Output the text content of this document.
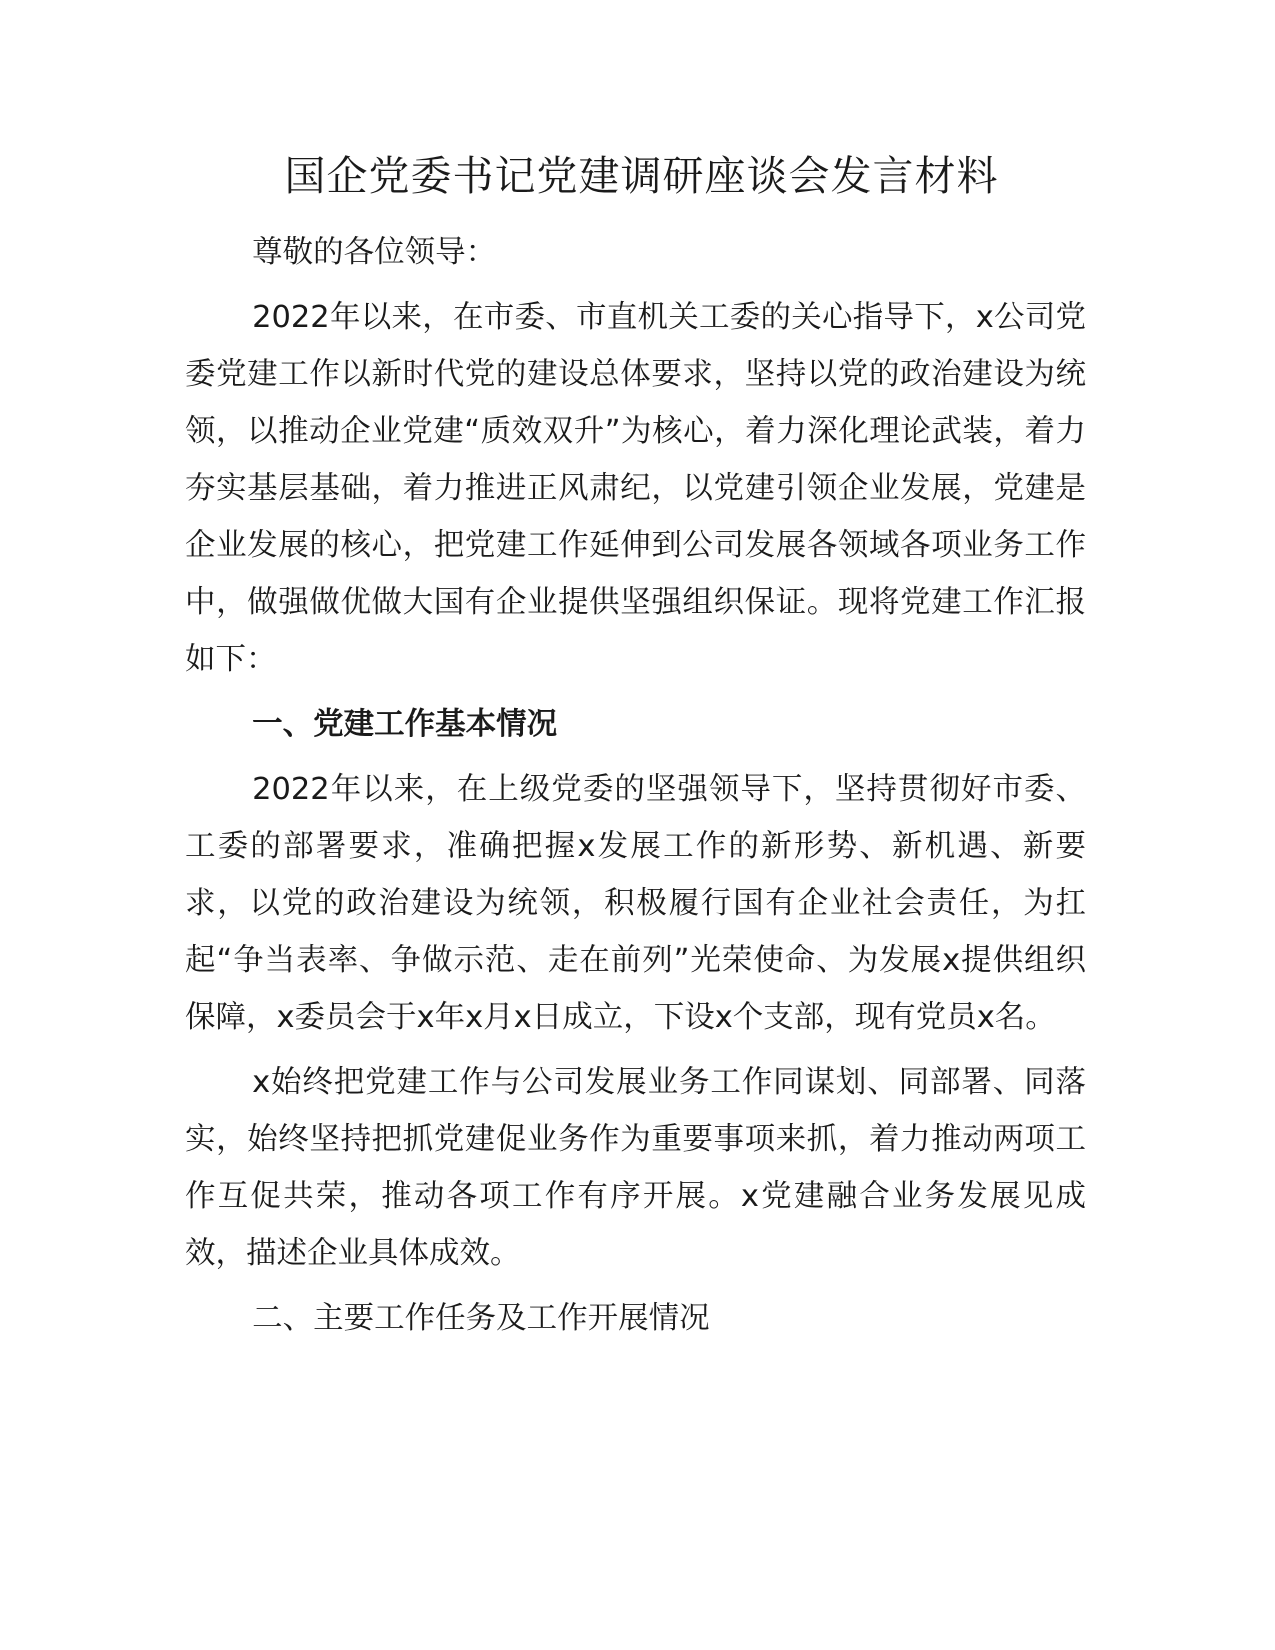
国企党委书记党建调研座谈会发言材料

尊敬的各位领导：

2022年以来，在市委、市直机关工委的关心指导下，x公司党委党建工作以新时代党的建设总体要求，坚持以党的政治建设为统领，以推动企业党建“质效双升”为核心，着力深化理论武装，着力夯实基层基础，着力推进正风肃纪，以党建引领企业发展，党建是企业发展的核心，把党建工作延伸到公司发展各领域各项业务工作中，做强做优做大国有企业提供坚强组织保证。现将党建工作汇报如下：

一、党建工作基本情况

2022年以来，在上级党委的坚强领导下，坚持贯彻好市委、工委的部署要求，准确把握x发展工作的新形势、新机遇、新要求，以党的政治建设为统领，积极履行国有企业社会责任，为扛起“争当表率、争做示范、走在前列”光荣使命、为发展x提供组织保障，x委员会于x年x月x日成立，下设x个支部，现有党员x名。

x始终把党建工作与公司发展业务工作同谋划、同部署、同落实，始终坚持把抓党建促业务作为重要事项来抓，着力推动两项工作互促共荣，推动各项工作有序开展。x党建融合业务发展见成效，描述企业具体成效。

二、主要工作任务及工作开展情况
